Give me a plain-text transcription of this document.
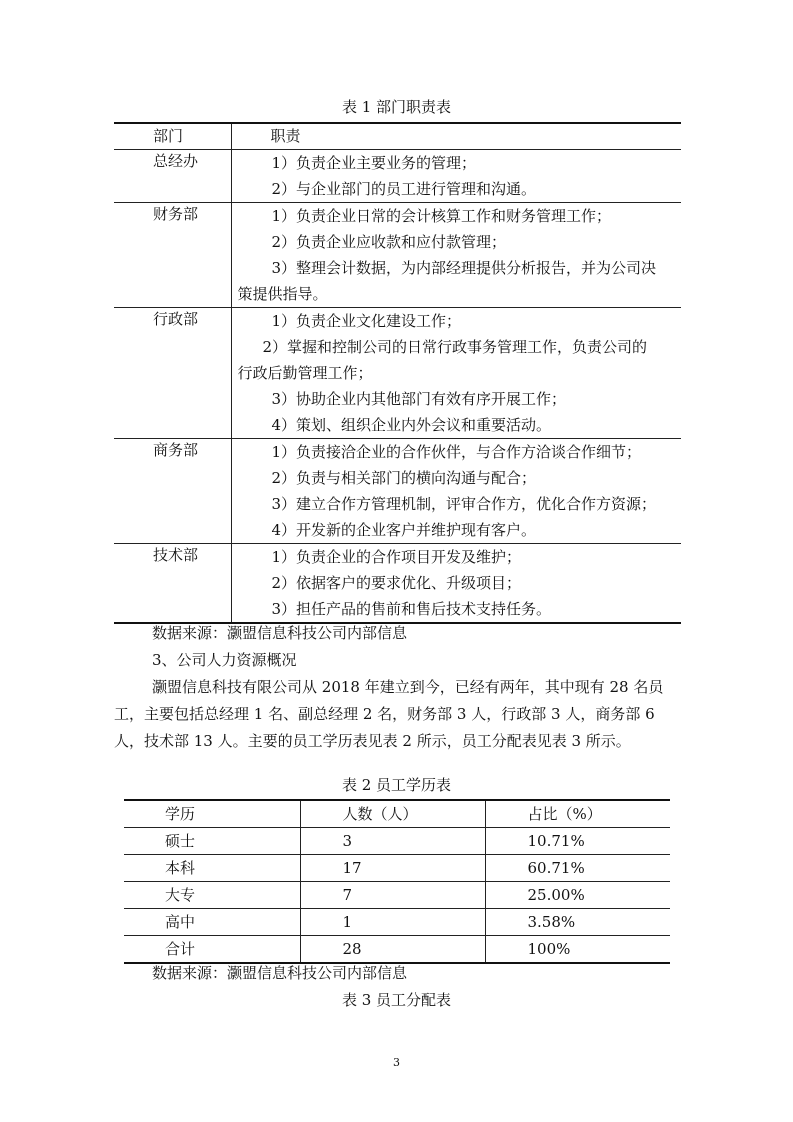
表 1 部门职责表
部门	职责
总经办	1）负责企业主要业务的管理；
2）与企业部门的员工进行管理和沟通。

财务部	1）负责企业日常的会计核算工作和财务管理工作；
2）负责企业应收款和应付款管理；
3）整理会计数据，为内部经理提供分析报告，并为公司决
策提供指导。

行政部	1）负责企业文化建设工作；
2）掌握和控制公司的日常行政事务管理工作，负责公司的
行政后勤管理工作；
3）协助企业内其他部门有效有序开展工作；
4）策划、组织企业内外会议和重要活动。

商务部	1）负责接洽企业的合作伙伴，与合作方洽谈合作细节；
2）负责与相关部门的横向沟通与配合；
3）建立合作方管理机制，评审合作方，优化合作方资源；
4）开发新的企业客户并维护现有客户。

技术部	1）负责企业的合作项目开发及维护；
2）依据客户的要求优化、升级项目；
3）担任产品的售前和售后技术支持任务。
数据来源：灏盟信息科技公司内部信息
3、公司人力资源概况
灏盟信息科技有限公司从 2018 年建立到今，已经有两年，其中现有 28 名员
工，主要包括总经理 1 名、副总经理 2 名，财务部 3 人，行政部 3 人，商务部 6
人，技术部 13 人。主要的员工学历表见表 2 所示，员工分配表见表 3 所示。
表 2 员工学历表
学历	人数（人）	占比（%）
硕士	3	10.71%
本科	17	60.71%
大专	7	25.00%
高中	1	3.58%
合计	28	100%
数据来源：灏盟信息科技公司内部信息
表 3 员工分配表
3
